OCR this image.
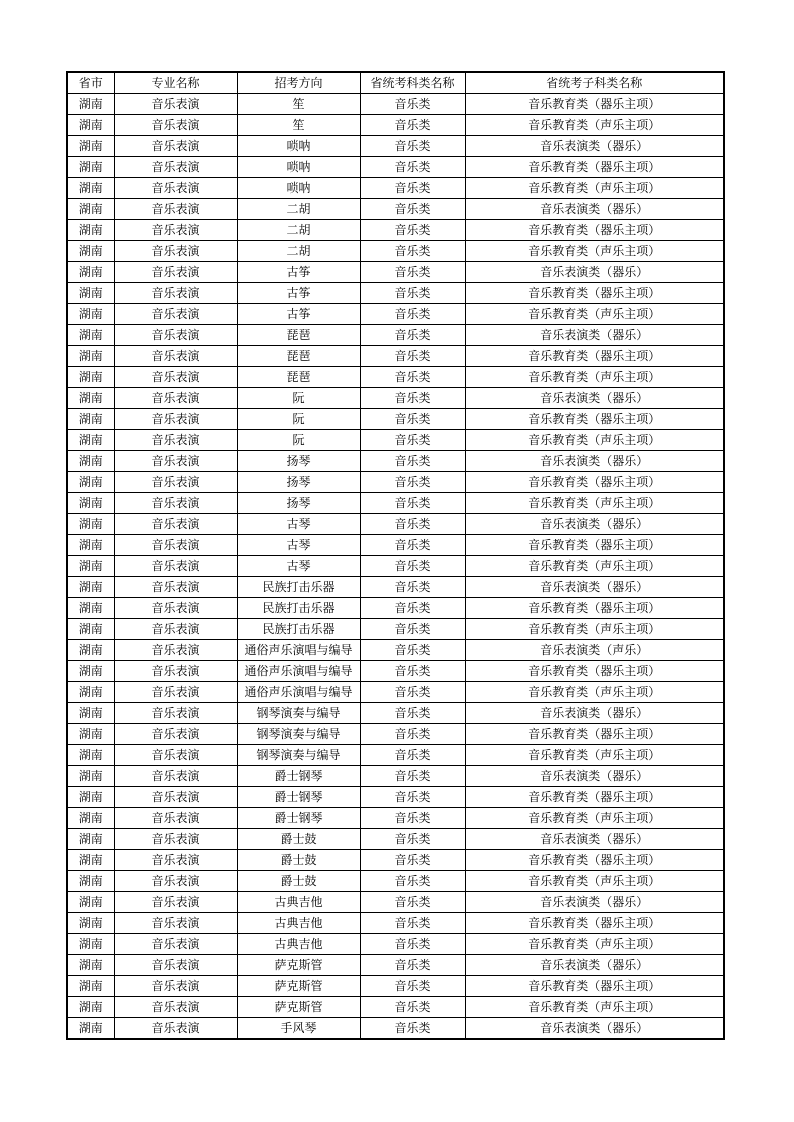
省市	专业名称	招考方向	省统考科类名称	省统考子科类名称
湖南	音乐表演	笙	音乐类	音乐教育类（器乐主项）
湖南	音乐表演	笙	音乐类	音乐教育类（声乐主项）
湖南	音乐表演	唢呐	音乐类	音乐表演类（器乐）
湖南	音乐表演	唢呐	音乐类	音乐教育类（器乐主项）
湖南	音乐表演	唢呐	音乐类	音乐教育类（声乐主项）
湖南	音乐表演	二胡	音乐类	音乐表演类（器乐）
湖南	音乐表演	二胡	音乐类	音乐教育类（器乐主项）
湖南	音乐表演	二胡	音乐类	音乐教育类（声乐主项）
湖南	音乐表演	古筝	音乐类	音乐表演类（器乐）
湖南	音乐表演	古筝	音乐类	音乐教育类（器乐主项）
湖南	音乐表演	古筝	音乐类	音乐教育类（声乐主项）
湖南	音乐表演	琵琶	音乐类	音乐表演类（器乐）
湖南	音乐表演	琵琶	音乐类	音乐教育类（器乐主项）
湖南	音乐表演	琵琶	音乐类	音乐教育类（声乐主项）
湖南	音乐表演	阮	音乐类	音乐表演类（器乐）
湖南	音乐表演	阮	音乐类	音乐教育类（器乐主项）
湖南	音乐表演	阮	音乐类	音乐教育类（声乐主项）
湖南	音乐表演	扬琴	音乐类	音乐表演类（器乐）
湖南	音乐表演	扬琴	音乐类	音乐教育类（器乐主项）
湖南	音乐表演	扬琴	音乐类	音乐教育类（声乐主项）
湖南	音乐表演	古琴	音乐类	音乐表演类（器乐）
湖南	音乐表演	古琴	音乐类	音乐教育类（器乐主项）
湖南	音乐表演	古琴	音乐类	音乐教育类（声乐主项）
湖南	音乐表演	民族打击乐器	音乐类	音乐表演类（器乐）
湖南	音乐表演	民族打击乐器	音乐类	音乐教育类（器乐主项）
湖南	音乐表演	民族打击乐器	音乐类	音乐教育类（声乐主项）
湖南	音乐表演	通俗声乐演唱与编导	音乐类	音乐表演类（声乐）
湖南	音乐表演	通俗声乐演唱与编导	音乐类	音乐教育类（器乐主项）
湖南	音乐表演	通俗声乐演唱与编导	音乐类	音乐教育类（声乐主项）
湖南	音乐表演	钢琴演奏与编导	音乐类	音乐表演类（器乐）
湖南	音乐表演	钢琴演奏与编导	音乐类	音乐教育类（器乐主项）
湖南	音乐表演	钢琴演奏与编导	音乐类	音乐教育类（声乐主项）
湖南	音乐表演	爵士钢琴	音乐类	音乐表演类（器乐）
湖南	音乐表演	爵士钢琴	音乐类	音乐教育类（器乐主项）
湖南	音乐表演	爵士钢琴	音乐类	音乐教育类（声乐主项）
湖南	音乐表演	爵士鼓	音乐类	音乐表演类（器乐）
湖南	音乐表演	爵士鼓	音乐类	音乐教育类（器乐主项）
湖南	音乐表演	爵士鼓	音乐类	音乐教育类（声乐主项）
湖南	音乐表演	古典吉他	音乐类	音乐表演类（器乐）
湖南	音乐表演	古典吉他	音乐类	音乐教育类（器乐主项）
湖南	音乐表演	古典吉他	音乐类	音乐教育类（声乐主项）
湖南	音乐表演	萨克斯管	音乐类	音乐表演类（器乐）
湖南	音乐表演	萨克斯管	音乐类	音乐教育类（器乐主项）
湖南	音乐表演	萨克斯管	音乐类	音乐教育类（声乐主项）
湖南	音乐表演	手风琴	音乐类	音乐表演类（器乐）
